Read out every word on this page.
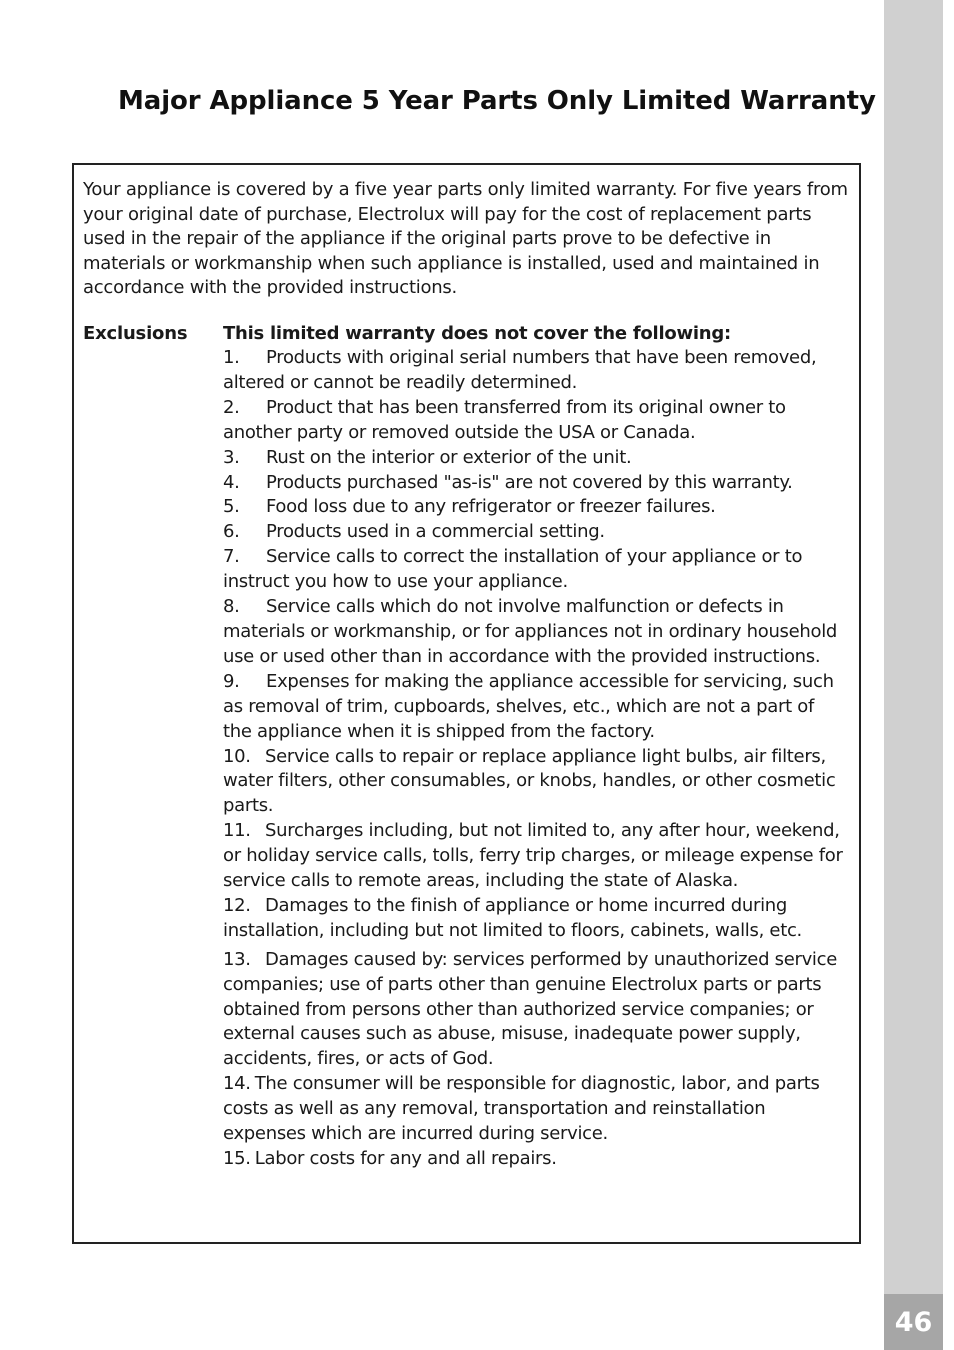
46
Major Appliance 5 Year Parts Only Limited Warranty

Your appliance is covered by a five year parts only limited warranty. For five years from your original date of purchase, Electrolux will pay for the cost of replacement parts used in the repair of the appliance if the original parts prove to be defective in materials or workmanship when such appliance is installed, used and maintained in accordance with the provided instructions.

Exclusions This limited warranty does not cover the following:
1. Products with original serial numbers that have been removed, altered or cannot be readily determined.
2. Product that has been transferred from its original owner to another party or removed outside the USA or Canada.
3. Rust on the interior or exterior of the unit.
4. Products purchased "as-is" are not covered by this warranty.
5. Food loss due to any refrigerator or freezer failures.
6. Products used in a commercial setting.
7. Service calls to correct the installation of your appliance or to instruct you how to use your appliance.
8. Service calls which do not involve malfunction or defects in materials or workmanship, or for appliances not in ordinary household use or used other than in accordance with the provided instructions.
9. Expenses for making the appliance accessible for servicing, such as removal of trim, cupboards, shelves, etc., which are not a part of the appliance when it is shipped from the factory.
10. Service calls to repair or replace appliance light bulbs, air filters, water filters, other consumables, or knobs, handles, or other cosmetic parts.
11. Surcharges including, but not limited to, any after hour, weekend, or holiday service calls, tolls, ferry trip charges, or mileage expense for service calls to remote areas, including the state of Alaska.
12. Damages to the finish of appliance or home incurred during installation, including but not limited to floors, cabinets, walls, etc.
13. Damages caused by: services performed by unauthorized service companies; use of parts other than genuine Electrolux parts or parts obtained from persons other than authorized service companies; or external causes such as abuse, misuse, inadequate power supply, accidents, fires, or acts of God.
14. The consumer will be responsible for diagnostic, labor, and parts costs as well as any removal, transportation and reinstallation expenses which are incurred during service.
15. Labor costs for any and all repairs.
